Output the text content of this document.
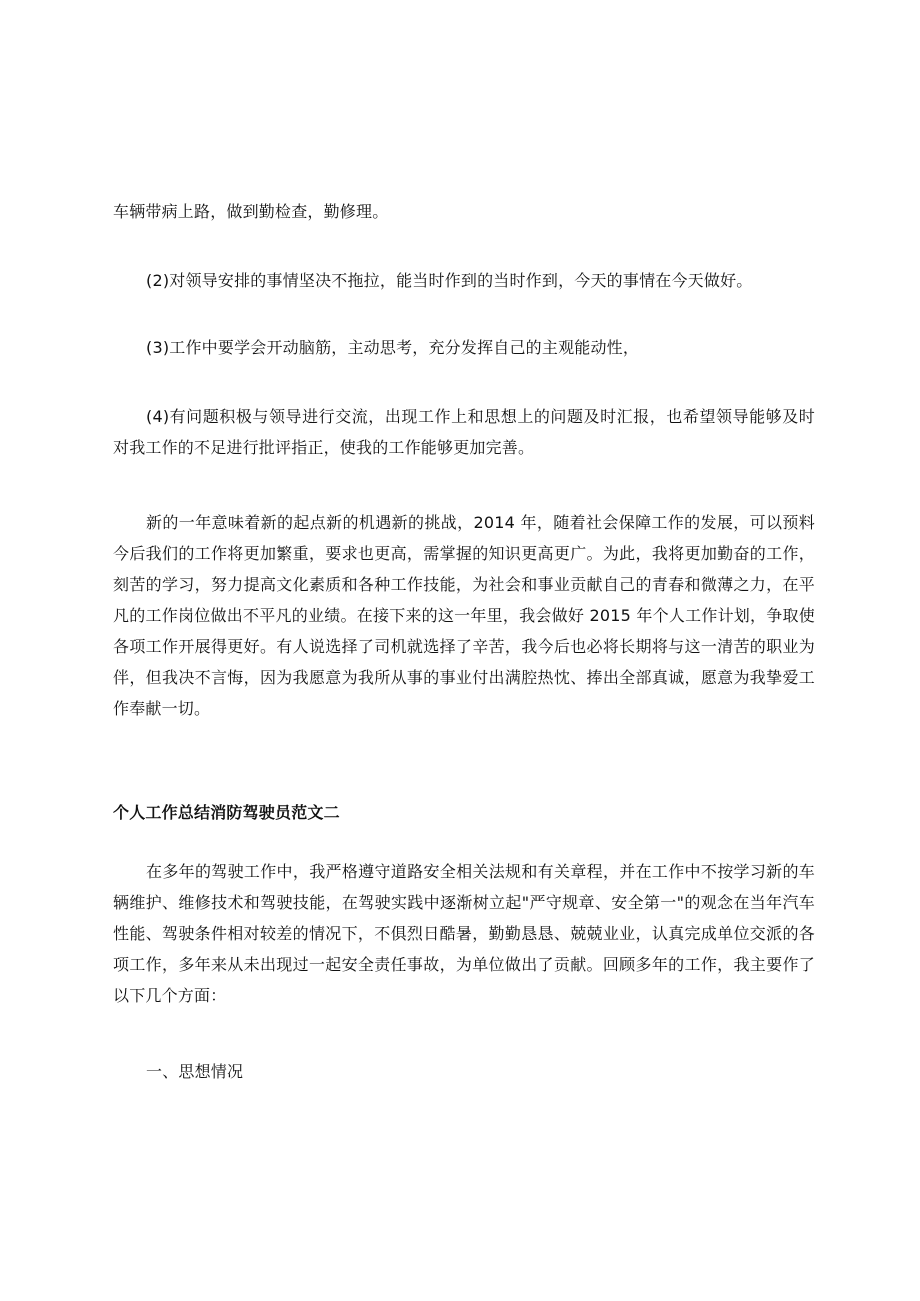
车辆带病上路，做到勤检查，勤修理。

(2)对领导安排的事情坚决不拖拉，能当时作到的当时作到，今天的事情在今天做好。

(3)工作中要学会开动脑筋，主动思考，充分发挥自己的主观能动性，

(4)有问题积极与领导进行交流，出现工作上和思想上的问题及时汇报，也希望领导能够及时对我工作的不足进行批评指正，使我的工作能够更加完善。

新的一年意味着新的起点新的机遇新的挑战，2014 年，随着社会保障工作的发展，可以预料今后我们的工作将更加繁重，要求也更高，需掌握的知识更高更广。为此，我将更加勤奋的工作，刻苦的学习，努力提高文化素质和各种工作技能，为社会和事业贡献自己的青春和微薄之力，在平凡的工作岗位做出不平凡的业绩。在接下来的这一年里，我会做好 2015 年个人工作计划，争取使各项工作开展得更好。有人说选择了司机就选择了辛苦，我今后也必将长期将与这一清苦的职业为伴，但我决不言悔，因为我愿意为我所从事的事业付出满腔热忱、捧出全部真诚，愿意为我挚爱工作奉献一切。

个人工作总结消防驾驶员范文二

在多年的驾驶工作中，我严格遵守道路安全相关法规和有关章程，并在工作中不按学习新的车辆维护、维修技术和驾驶技能，在驾驶实践中逐渐树立起"严守规章、安全第一"的观念在当年汽车性能、驾驶条件相对较差的情况下，不俱烈日酷暑，勤勤恳恳、兢兢业业，认真完成单位交派的各项工作，多年来从未出现过一起安全责任事故，为单位做出了贡献。回顾多年的工作，我主要作了以下几个方面：

一、思想情况
